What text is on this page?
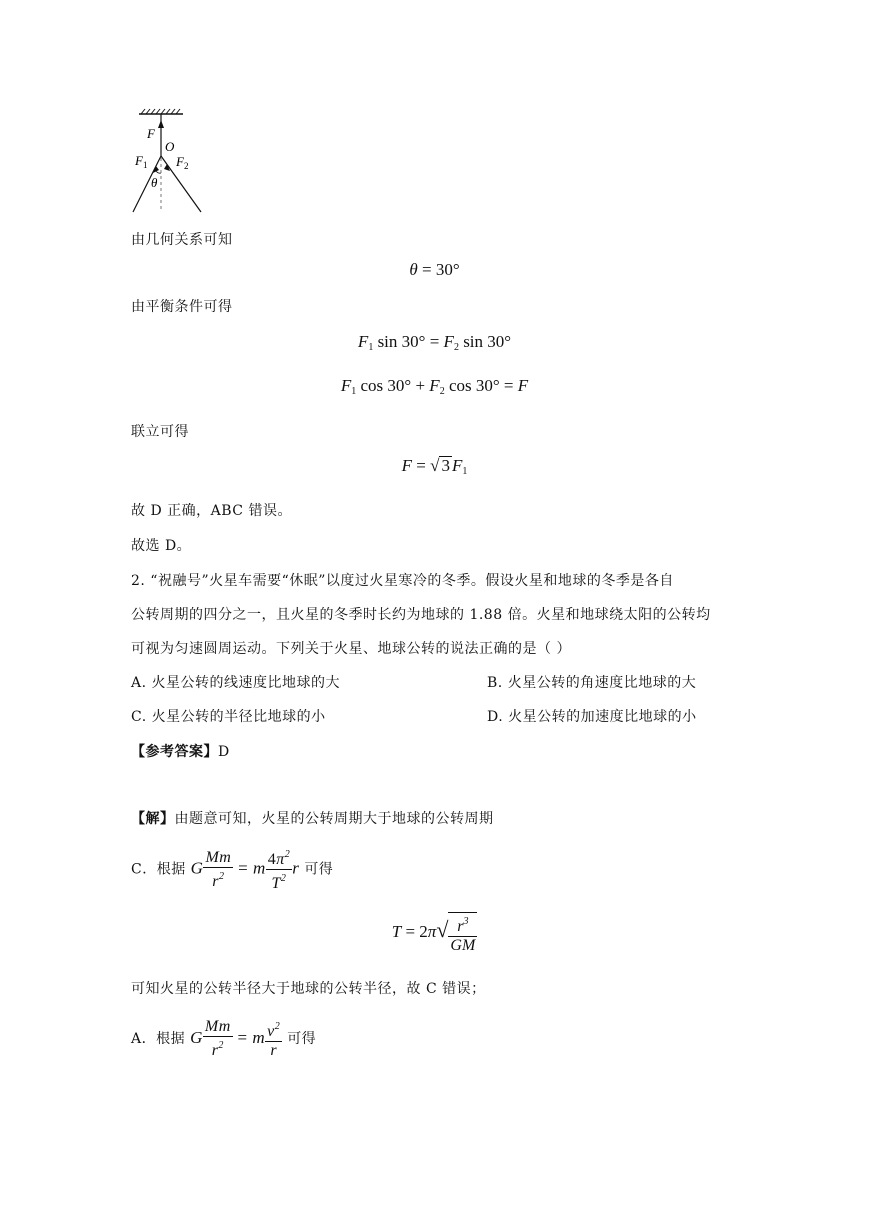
F
O
$F_1$ $F_2$
θ
由几何关系可知
θ = 30°
由平衡条件可得
$F_1$ $\sin 30^\circ = F_2$ sin 30°
$F_1$ $\cos 30^\circ + F_2$ cos 30° = F
联立可得
F = √ 3 $F_1$
故 D 正确，ABC 错误。
故选 D。
2. “祝融号”火星车需要“休眠”以度过火星寒冷的冬季。假设火星和地球的冬季是各自
公转周期的四分之一，且火星的冬季时长约为地球的 1.88 倍。火星和地球绕太阳的公转均
可视为匀速圆周运动。下列关于火星、地球公转的说法正确的是（ ）
A. 火星公转的线速度比地球的大	B. 火星公转的角速度比地球的大
C. 火星公转的半径比地球的小	D. 火星公转的加速度比地球的小
【参考答案】D
【解】由题意可知，火星的公转周期大于地球的公转周期
C．根据 G $\frac{Mm}{r^2} = m \frac{4\pi^2}{T^2}$ r 可得
$T = 2\pi√ \frac{r^3}{GM}$
可知火星的公转半径大于地球的公转半径，故 C 错误；
A．根据 G $\frac{Mm}{r^2} = m \frac{v^2}{r}$ 可得
